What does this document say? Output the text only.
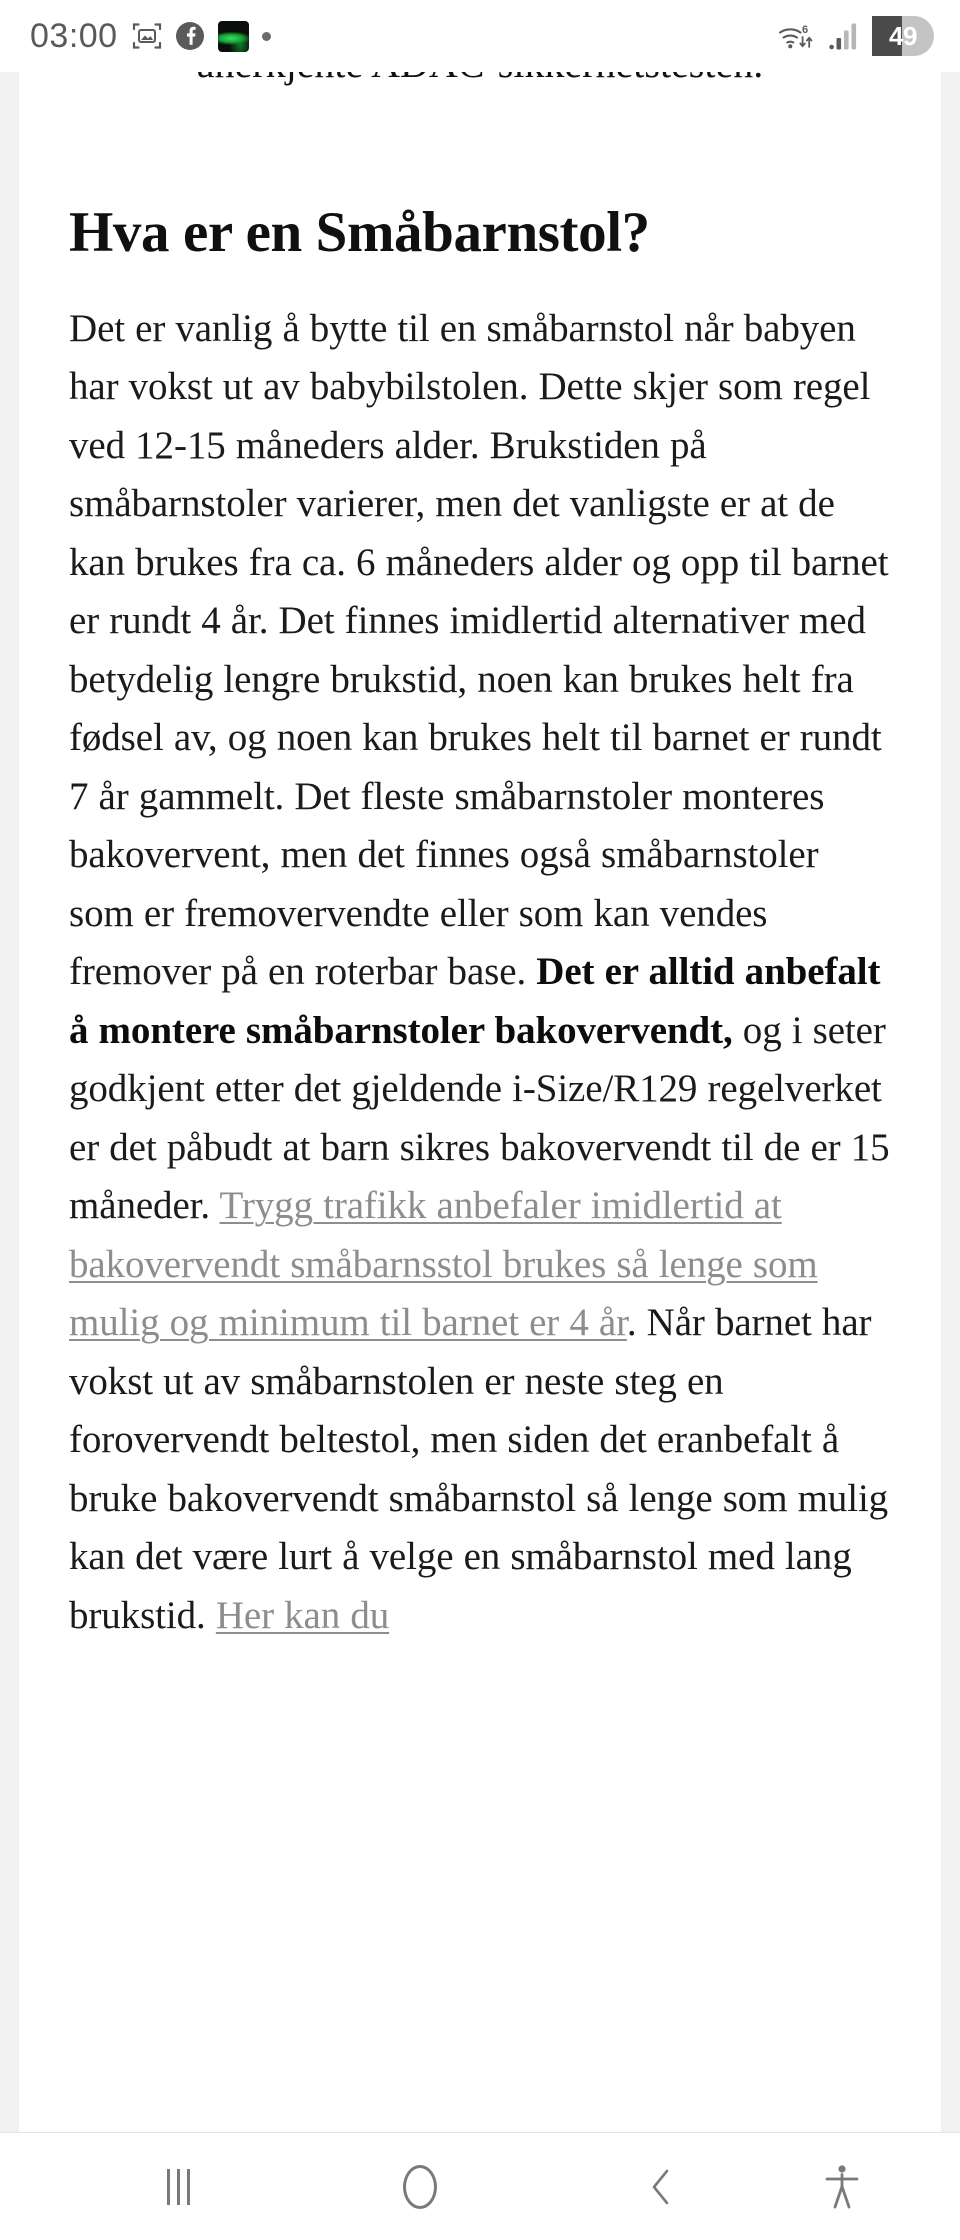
03:00	6	49
Hva er en Småbarnstol?

Det er vanlig å bytte til en småbarnstol når babyen har vokst ut av babybilstolen. Dette skjer som regel ved 12-15 måneders alder. Brukstiden på småbarnstoler varierer, men det vanligste er at de kan brukes fra ca. 6 måneders alder og opp til barnet er rundt 4 år. Det finnes imidlertid alternativer med betydelig lengre brukstid, noen kan brukes helt fra fødsel av, og noen kan brukes helt til barnet er rundt 7 år gammelt. Det fleste småbarnstoler monteres bakovervent, men det finnes også småbarnstoler som er fremovervendte eller som kan vendes fremover på en roterbar base. Det er alltid anbefalt å montere småbarnstoler bakovervendt, og i seter godkjent etter det gjeldende i-Size/R129 regelverket er det påbudt at barn sikres bakovervendt til de er 15 måneder. Trygg trafikk anbefaler imidlertid at bakovervendt småbarnsstol brukes så lenge som mulig og minimum til barnet er 4 år. Når barnet har vokst ut av småbarnstolen er neste steg en forovervendt beltestol, men siden det eranbefalt å bruke bakovervendt småbarnstol så lenge som mulig kan det være lurt å velge en småbarnstol med lang brukstid. Her kan du
